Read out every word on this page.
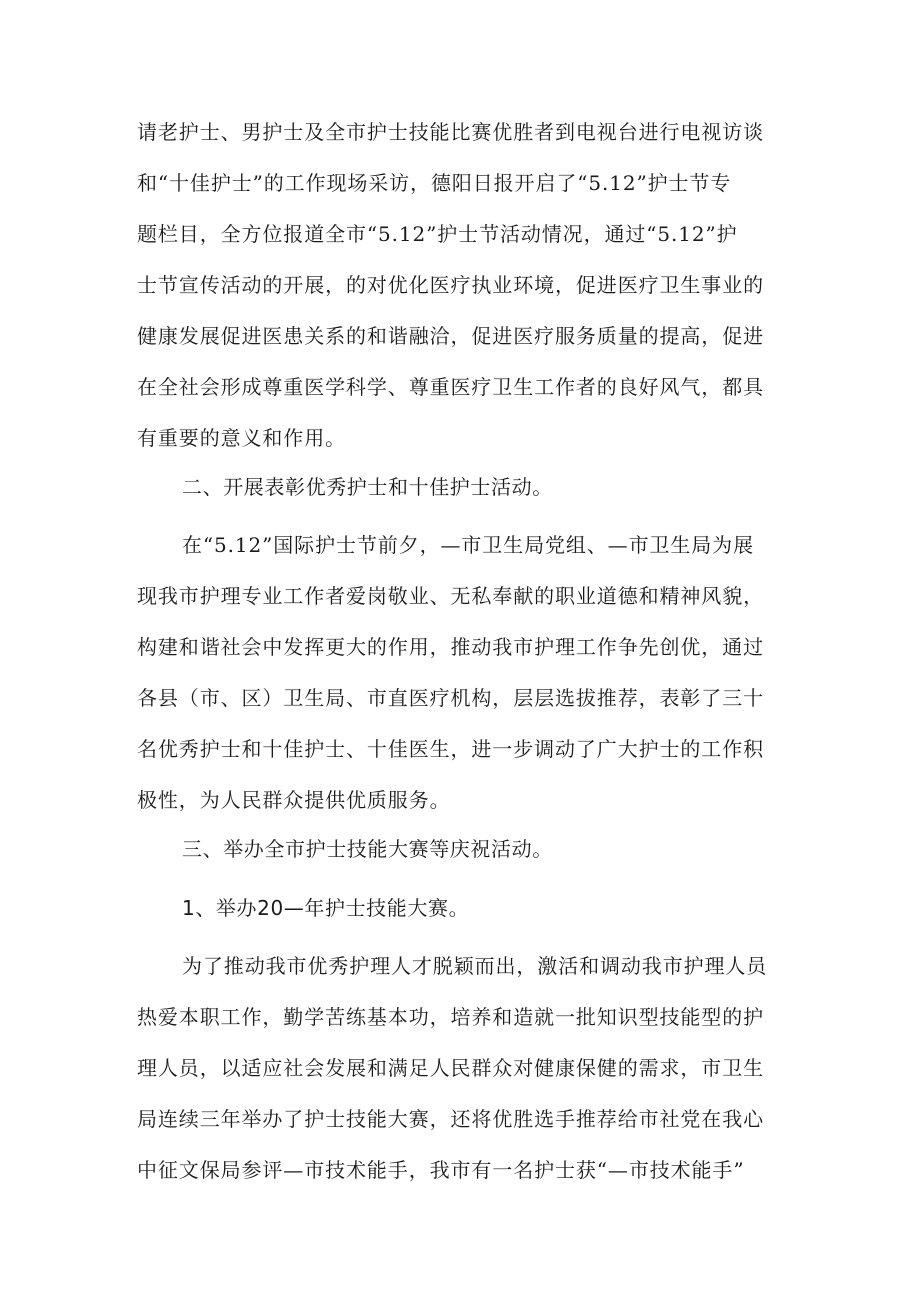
请老护士、男护士及全市护士技能比赛优胜者到电视台进行电视访谈

和“十佳护士”的工作现场采访，德阳日报开启了“5.12”护士节专

题栏目，全方位报道全市“5.12”护士节活动情况，通过“5.12”护

士节宣传活动的开展，的对优化医疗执业环境，促进医疗卫生事业的

健康发展促进医患关系的和谐融洽，促进医疗服务质量的提高，促进

在全社会形成尊重医学科学、尊重医疗卫生工作者的良好风气，都具

有重要的意义和作用。

二、开展表彰优秀护士和十佳护士活动。

在“5.12”国际护士节前夕，—市卫生局党组、—市卫生局为展

现我市护理专业工作者爱岗敬业、无私奉献的职业道德和精神风貌，

构建和谐社会中发挥更大的作用，推动我市护理工作争先创优，通过

各县（市、区）卫生局、市直医疗机构，层层选拔推荐，表彰了三十

名优秀护士和十佳护士、十佳医生，进一步调动了广大护士的工作积

极性，为人民群众提供优质服务。

三、举办全市护士技能大赛等庆祝活动。

1、举办20—年护士技能大赛。

为了推动我市优秀护理人才脱颖而出，激活和调动我市护理人员

热爱本职工作，勤学苦练基本功，培养和造就一批知识型技能型的护

理人员，以适应社会发展和满足人民群众对健康保健的需求，市卫生

局连续三年举办了护士技能大赛，还将优胜选手推荐给市社党在我心

中征文保局参评—市技术能手，我市有一名护士获“—市技术能手”
